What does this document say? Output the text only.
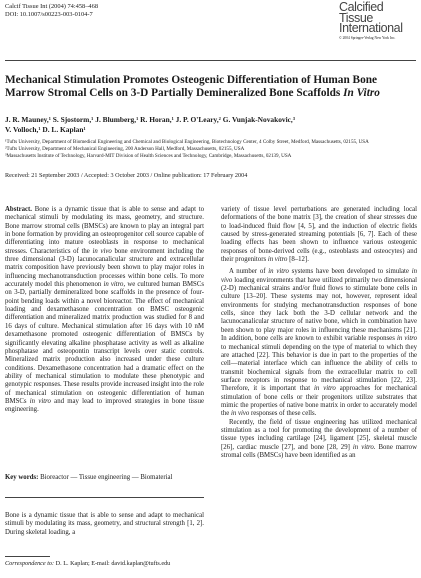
Calcif Tissue Int (2004) 74:458–468
DOI: 10.1007/s00223-003-0104-7
Calcified
Tissue
International
© 2004 Springer-Verlag New York Inc.
Mechanical Stimulation Promotes Osteogenic Differentiation of Human Bone Marrow Stromal Cells on 3-D Partially Demineralized Bone Scaffolds In Vitro
J. R. Mauney,¹ S. Sjostorm,¹ J. Blumberg,¹ R. Horan,¹ J. P. O'Leary,² G. Vunjak-Novakovic,³
V. Volloch,¹ D. L. Kaplan¹
¹Tufts University, Department of Biomedical Engineering and Chemical and Biological Engineering, Biotechnology Center, 4 Colby Street, Medford, Massachusetts, 02155, USA
²Tufts University, Department of Mechanical Engineering, 200 Anderson Hall, Medford, Massachusetts, 02155, USA
³Massachusetts Institute of Technology, Harvard-MIT Division of Health Sciences and Technology, Cambridge, Massachusetts, 02139, USA
Received: 21 September 2003 / Accepted: 3 October 2003 / Online publication: 17 February 2004

Abstract. Bone is a dynamic tissue that is able to sense and adapt to mechanical stimuli by modulating its mass, geometry, and structure. Bone marrow stromal cells (BMSCs) are known to play an integral part in bone formation by providing an osteoprogenitor cell source capable of differentiating into mature osteoblasts in response to mechanical stresses. Characteristics of the in vivo bone environment including the three dimensional (3-D) lacunocanalicular structure and extracellular matrix composition have previously been shown to play major roles in influencing mechanotransduction processes within bone cells. To more accurately model this phenomenon in vitro, we cultured human BMSCs on 3-D, partially demineralized bone scaffolds in the presence of four-point bending loads within a novel bioreactor. The effect of mechanical loading and dexamethasone concentration on BMSC osteogenic differentiation and mineralized matrix production was studied for 8 and 16 days of culture. Mechanical stimulation after 16 days with 10 nM dexamethasone promoted osteogenic differentiation of BMSCs by significantly elevating alkaline phosphatase activity as well as alkaline phosphatase and osteopontin transcript levels over static controls. Mineralized matrix production also increased under these culture conditions. Dexamethasone concentration had a dramatic effect on the ability of mechanical stimulation to modulate these phenotypic and genotypic responses. These results provide increased insight into the role of mechanical stimulation on osteogenic differentiation of human BMSCs in vitro and may lead to improved strategies in bone tissue engineering.

Key words: Bioreactor — Tissue engineering — Biomaterial
Bone is a dynamic tissue that is able to sense and adapt to mechanical stimuli by modulating its mass, geometry, and structural strength [1, 2]. During skeletal loading, a
Correspondence to: D. L. Kaplan; E-mail: david.kaplan@tufts.edu

variety of tissue level perturbations are generated including local deformations of the bone matrix [3], the creation of shear stresses due to load-induced fluid flow [4, 5], and the induction of electric fields caused by stress-generated streaming potentials [6, 7]. Each of these loading effects has been shown to influence various osteogenic responses of bone-derived cells (e.g., osteoblasts and osteocytes) and their progenitors in vitro [8–12].

A number of in vitro systems have been developed to simulate in vivo loading environments that have utilized primarily two dimensional (2-D) mechanical strains and/or fluid flows to stimulate bone cells in culture [13–20]. These systems may not, however, represent ideal environments for studying mechanotransduction responses of bone cells, since they lack both the 3-D cellular network and the lacunocanalicular structure of native bone, which in combination have been shown to play major roles in influencing these mechanisms [21]. In addition, bone cells are known to exhibit variable responses in vitro to mechanical stimuli depending on the type of material to which they are attached [22]. This behavior is due in part to the properties of the cell—material interface which can influence the ability of cells to transmit biochemical signals from the extracellular matrix to cell surface receptors in response to mechanical stimulation [22, 23]. Therefore, it is important that in vitro approaches for mechanical stimulation of bone cells or their progenitors utilize substrates that mimic the properties of native bone matrix in order to accurately model the in vivo responses of these cells.

Recently, the field of tissue engineering has utilized mechanical stimulation as a tool for promoting the development of a number of tissue types including cartilage [24], ligament [25], skeletal muscle [26], cardiac muscle [27], and bone [28, 29] in vitro. Bone marrow stromal cells (BMSCs) have been identified as an
